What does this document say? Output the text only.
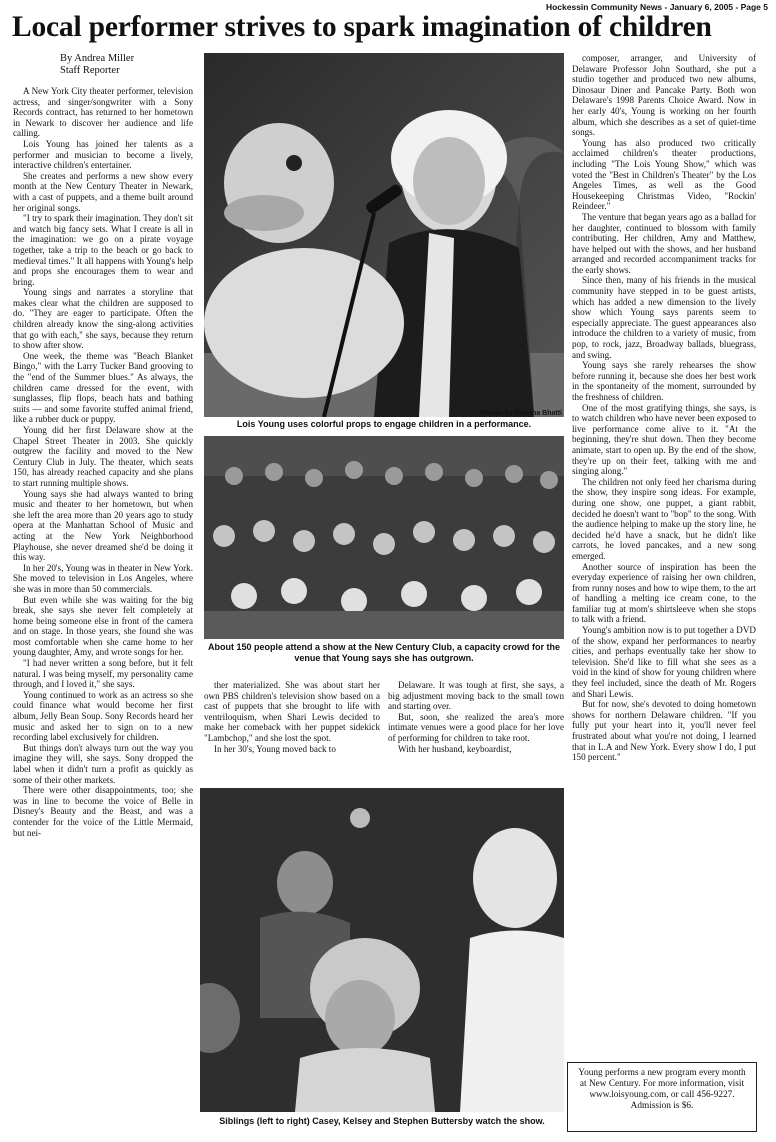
Hockessin Community News - January 6, 2005 - Page 5
Local performer strives to spark imagination of children
By Andrea Miller
Staff Reporter

A New York City theater performer, television actress, and singer/songwriter with a Sony Records contract, has returned to her hometown in Newark to discover her audience and life calling.

Lois Young has joined her talents as a performer and musician to become a lively, interactive children's entertainer.

She creates and performs a new show every month at the New Century Theater in Newark, with a cast of puppets, and a theme built around her original songs.

"I try to spark their imagination. They don't sit and watch big fancy sets. What I create is all in the imagination: we go on a pirate voyage together, take a trip to the beach or go back to medieval times." It all happens with Young's help and props she encourages them to wear and bring.

Young sings and narrates a storyline that makes clear what the children are supposed to do. "They are eager to participate. Often the children already know the sing-along activities that go with each," she says, because they return to show after show.

One week, the theme was "Beach Blanket Bingo," with the Larry Tucker Band grooving to the "end of the Summer blues." As always, the children came dressed for the event, with sunglasses, flip flops, beach hats and bathing suits — and some favorite stuffed animal friend, like a rubber duck or puppy.

Young did her first Delaware show at the Chapel Street Theater in 2003. She quickly outgrew the facility and moved to the New Century Club in July. The theater, which seats 150, has already reached capacity and she plans to start running multiple shows.

Young says she had always wanted to bring music and theater to her hometown, but when she left the area more than 20 years ago to study opera at the Manhattan School of Music and acting at the New York Neighborhood Playhouse, she never dreamed she'd be doing it this way.

In her 20's, Young was in theater in New York. She moved to television in Los Angeles, where she was in more than 50 commercials.

But even while she was waiting for the big break, she says she never felt completely at home being someone else in front of the camera and on stage. In those years, she found she was most comfortable when she came home to her young daughter, Amy, and wrote songs for her.

"I had never written a song before, but it felt natural. I was being myself, my personality came through, and I loved it," she says.

Young continued to work as an actress so she could finance what would become her first album, Jelly Bean Soup. Sony Records heard her music and asked her to sign on to a new recording label exclusively for children.

But things don't always turn out the way you imagine they will, she says. Sony dropped the label when it didn't turn a profit as quickly as some of their other markets.

There were other disappointments, too; she was in line to become the voice of Belle in Disney's Beauty and the Beast, and was a contender for the voice of the Little Mermaid, but nei-

Photos by Ruxana Bhatti
Lois Young uses colorful props to engage children in a performance.
About 150 people attend a show at the New Century Club, a capacity crowd for the venue that Young says she has outgrown.

ther materialized. She was about start her own PBS children's television show based on a cast of puppets that she brought to life with ventriloquism, when Shari Lewis decided to make her comeback with her puppet sidekick "Lambchop," and she lost the spot.

In her 30's, Young moved back to

Delaware. It was tough at first, she says, a big adjustment moving back to the small town and starting over.

But, soon, she realized the area's more intimate venues were a good place for her love of performing for children to take root.

With her husband, keyboardist,

Siblings (left to right) Casey, Kelsey and Stephen Buttersby watch the show.

composer, arranger, and University of Delaware Professor John Southard, she put a studio together and produced two new albums, Dinosaur Diner and Pancake Party. Both won Delaware's 1998 Parents Choice Award. Now in her early 40's, Young is working on her fourth album, which she describes as a set of quiet-time songs.

Young has also produced two critically acclaimed children's theater productions, including "The Lois Young Show," which was voted the "Best in Children's Theater" by the Los Angeles Times, as well as the Good Housekeeping Christmas Video, "Rockin' Reindeer."

The venture that began years ago as a ballad for her daughter, continued to blossom with family contributing. Her children, Amy and Matthew, have helped out with the shows, and her husband arranged and recorded accompaniment tracks for the early shows.

Since then, many of his friends in the musical community have stepped in to be guest artists, which has added a new dimension to the lively show which Young says parents seem to especially appreciate. The guest appearances also introduce the children to a variety of music, from pop, to rock, jazz, Broadway ballads, bluegrass, and swing.

Young says she rarely rehearses the show before running it, because she does her best work in the spontaneity of the moment, surrounded by the freshness of children.

One of the most gratifying things, she says, is to watch children who have never been exposed to live performance come alive to it. "At the beginning, they're shut down. Then they become animate, start to open up. By the end of the show, they're up on their feet, talking with me and singing along."

The children not only feed her charisma during the show, they inspire song ideas. For example, during one show, one puppet, a giant rabbit, decided he doesn't want to "bop" to the song. With the audience helping to make up the story line, he decided he'd have a snack, but he didn't like carrots, he loved pancakes, and a new song emerged.

Another source of inspiration has been the everyday experience of raising her own children, from runny noses and how to wipe them, to the art of handling a melting ice cream cone, to the familiar tug at mom's shirtsleeve when she stops to talk with a friend.

Young's ambition now is to put together a DVD of the show, expand her performances to nearby cities, and perhaps eventually take her show to television. She'd like to fill what she sees as a void in the kind of show for young children where they feel included, since the death of Mr. Rogers and Shari Lewis.

But for now, she's devoted to doing hometown shows for northern Delaware children. "If you fully put your heart into it, you'll never feel frustrated about what you're not doing, I learned that in L.A and New York. Every show I do, I put 150 percent."

Young performs a new program every month at New Century. For more information, visit www.loisyoung.com, or call 456-9227.
Admission is $6.
